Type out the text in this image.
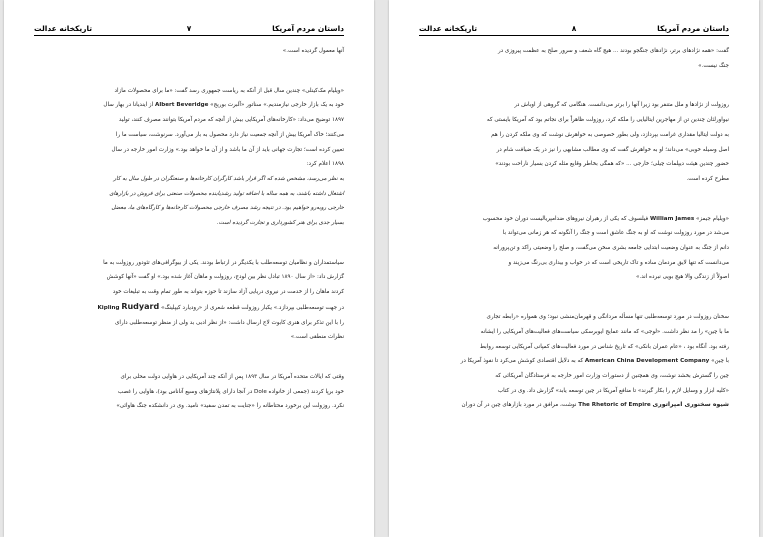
تاریکخانه عدالت	۷	داستان مردم آمریکا

آنها معمول گردیده است.»

«ویلیام مک‌کینلی» چندین سال قبل از آنکه به ریاست جمهوری رسد گفت: «ما برای محصولات مازاد
خود به یک بازار خارجی نیازمندیم.» سناتور «آلبرت بوریج» Albert Beveridge از ایندیانا در بهار سال
۱۸۹۷ توضیح می‌داد: «کارخانه‌های آمریکایی بیش از آنچه که مردم آمریکا بتوانند مصرف کنند، تولید
می‌کنند؛ خاک آمریکا بیش از آنچه جمعیت نیاز دارد محصول به بار می‌آورد. سرنوشت، سیاست ما را
تعیین کرده است؛ تجارت جهانی باید از آن ما باشد و از آن ما خواهد بود.» وزارت امور خارجه در سال
۱۸۹۸ اعلام کرد:

به نظر می‌رسد، مشخص شده که اگر قرار باشد کارگران کارخانه‌ها و صنعتگران در طول سال به کار
اشتغال داشته باشند، به همه ساله با اضافه تولید رشدیابنده محصولات صنعتی برای فروش در بازارهای
خارجی روبه‌رو خواهیم بود. در نتیجه رشد مصرف خارجی محصولات کارخانه‌ها و کارگاه‌های ما، معضل
بسیار جدی برای هنر کشورداری و تجارت گردیده است.

سیاستمداران و نظامیان توسعه‌طلب با یکدیگر در ارتباط بودند. یکی از بیوگرافی‌های تئودور روزولت به ما
گزارش داد: «از سال ۱۸۹۰ تبادل نظر بین لودج، روزولت و ماهان آغاز شده بود.» او گفت «آنها کوشش
کردند ماهان را از خدمت در نیروی دریایی آزاد سازند تا حوزه بتواند به طور تمام وقت به تبلیغات خود
در جهت توسعه‌طلبی بپردازد.» یکبار روزولت قطعه شعری از «رودیارد کیپلینگ» Kipling Rudyard
را با این تذکر برای هنری کابوت لاج ارسال داشت: «از نظر ادبی بد ولی از منظر توسعه‌طلبی دارای
نظرات منطقی است.»

وقتی که ایالات متحده آمریکا در سال ۱۸۹۳ پس از آنکه چند آمریکایی در هاوایی دولت محلی برای
خود برپا کردند (جمعی از خانواده Dole در آنجا دارای پلانتاژهای وسیع آناناس بود)، هاوایی را غصب
نکرد. روزولت این برخورد محتاطانه را «جنایت به تمدن سفید» نامید. وی در دانشکده جنگ هاوائی»

تاریکخانه عدالت	۸	داستان مردم آمریکا

گفت: «همه نژادهای برتر، نژادهای جنگجو بودند ... هیچ گاه شعف و سرور صلح به عظمت پیروزی در
جنگ نیست.»

روزولت از نژادها و ملل متنفر بود زیرا آنها را برتر می‌دانست. هنگامی که گروهی از اوباش در
نیواورلئان چندین تن از مهاجرین ایتالیایی را ملکه کرد، روزولت ظاهراً برای نجاتم بود که آمریکا بایستی که
به دولت ایتالیا مقداری غرامت بپردازد، ولی بطور خصوصی به خواهرش نوشت که وی ملکه کردن را هم
اصل وسیله خوبی» می‌داند؛ او به خواهرش گفت که وی مطالب مشابهی را نیز در یک ضیافت شام در
حضور چندین هیئت دیپلمات چیلی؛ خارجی ... «که همگی بخاطر وقایع مثله کردن بسیار ناراحت بودند»
مطرح کرده است.

«ویلیام جیمز» William James فیلسوف که یکی از رهبران نیروهای ضدامپریالیست دوران خود محسوب
می‌شد در مورد روزولت نوشت که او به جنگ عاشق است و جنگ را آنگونه که هر زمانی می‌تواند با
دانم از جنگ به عنوان وضعیت ابتدایی جامعه بشری سخن می‌گفت، و صلح را وضعیتی راکد و تن‌پرورانه
می‌دانست که تنها لایق مردمان ساده و تاک تاریخی است که در خواب و بیداری بی‌رنگ می‌زیند و
اصولاً از زندگی والا هیچ بویی نبرده اند.»

سخنان روزولت در مورد توسعه‌طلبی تنها مسأله مردانگی و قهرمان‌منشی نبود؛ وی همواره «رابطه تجاری
ما با چین» را مد نظر داشت. «لوجی» که مانند عمایج ایوبرسکی سیاست‌های فعالیت‌های آمریکایی را ایشانه
رفته بود. آنگاه بود ، «عام عمران بانکی» که تاریخ شناس در مورد فعالیت‌های کمپانی آمریکایی توسعه روابط
با چین» American China Development Company که به دلایل اقتصادی کوشش می‌کرد تا نفوذ آمریکا در
چین را گسترش بخشد نوشت، وی همچنین از دستورات وزارت امور خارجه به فرستادگان آمریکائی که
«کلیه ابزار و وسایل لازم را بکار گیرند» تا منافع آمریکا در چین توسعه یابد» گزارش داد. وی در کتاب
شیوه سخنوری امپراتوری The Rhetoric of Empire نوشت، مرافق در مورد بازارهای چین در آن دوران
